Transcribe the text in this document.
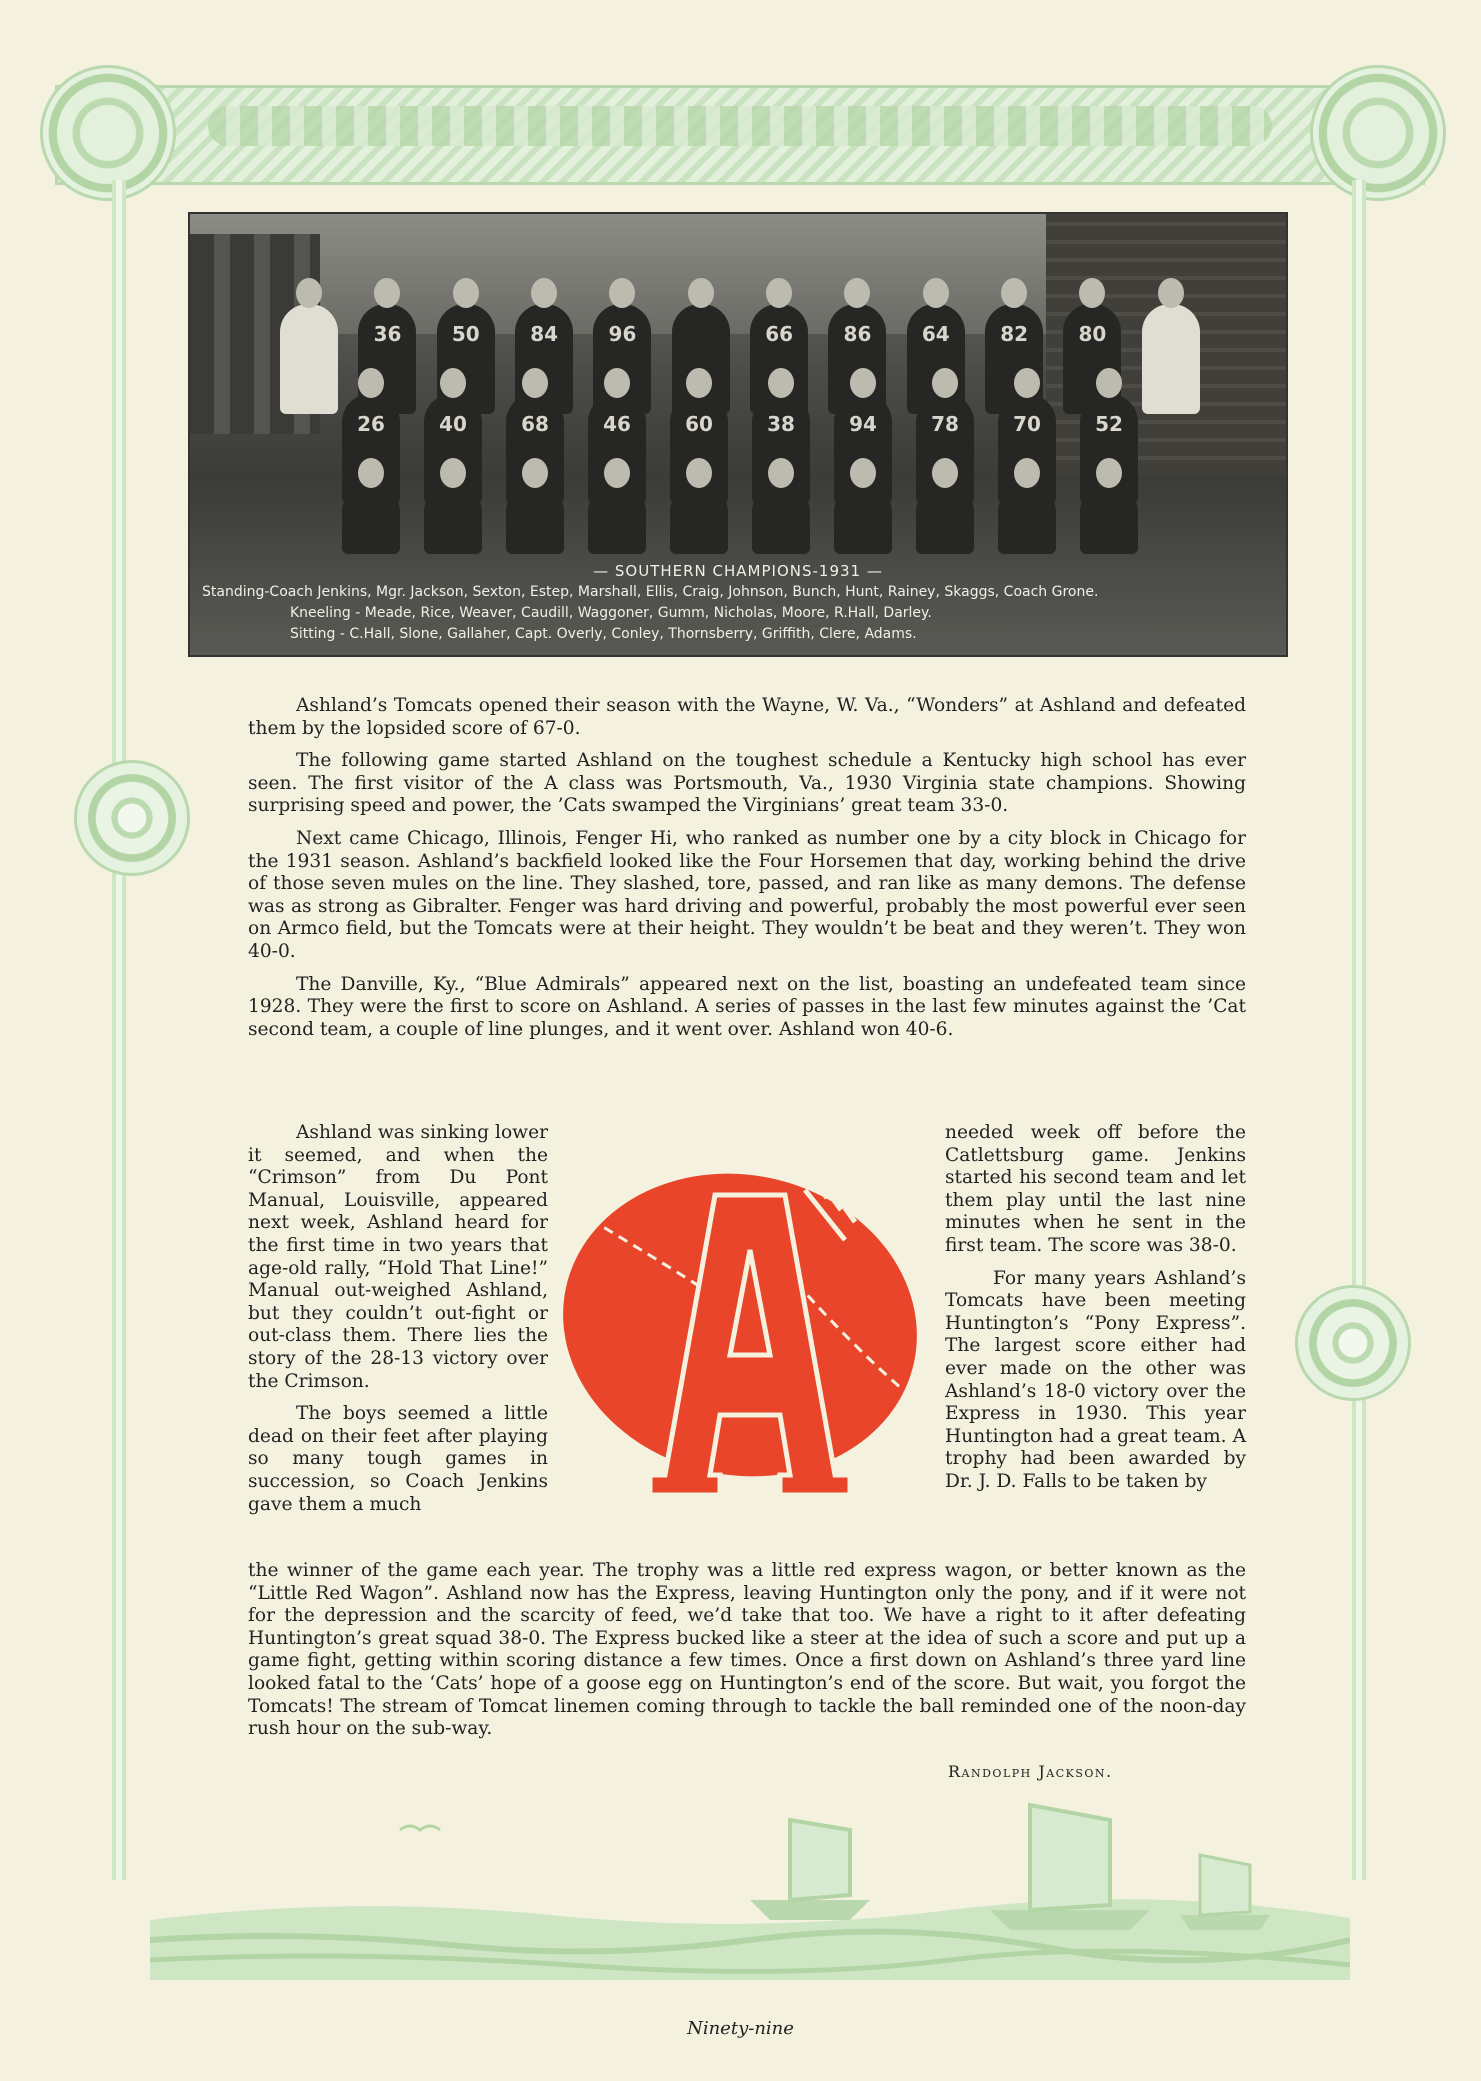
36	50	84	96	66	86	64	82	80
26	40	68	46	60	38	94	78	70	52
— SOUTHERN CHAMPIONS-1931 —
Standing-Coach Jenkins, Mgr. Jackson, Sexton, Estep, Marshall, Ellis, Craig, Johnson, Bunch, Hunt, Rainey, Skaggs, Coach Grone.
Kneeling - Meade, Rice, Weaver, Caudill, Waggoner, Gumm, Nicholas, Moore, R.Hall, Darley.
Sitting - C.Hall, Slone, Gallaher, Capt. Overly, Conley, Thornsberry, Griffith, Clere, Adams.

Ashland’s Tomcats opened their season with the Wayne, W. Va., “Wonders” at Ashland and defeated them by the lopsided score of 67-0.

The following game started Ashland on the toughest schedule a Kentucky high school has ever seen. The first visitor of the A class was Portsmouth, Va., 1930 Virginia state champions. Showing surprising speed and power, the ’Cats swamped the Virginians’ great team 33-0.

Next came Chicago, Illinois, Fenger Hi, who ranked as number one by a city block in Chicago for the 1931 season. Ashland’s backfield looked like the Four Horsemen that day, working behind the drive of those seven mules on the line. They slashed, tore, passed, and ran like as many demons. The defense was as strong as Gibralter. Fenger was hard driving and powerful, probably the most powerful ever seen on Armco field, but the Tomcats were at their height. They wouldn’t be beat and they weren’t. They won 40-0.

The Danville, Ky., “Blue Admirals” appeared next on the list, boasting an undefeated team since 1928. They were the first to score on Ashland. A series of passes in the last few minutes against the ’Cat second team, a couple of line plunges, and it went over. Ashland won 40-6.

Ashland was sinking lower it seemed, and when the “Crimson” from Du Pont Manual, Louisville, appeared next week, Ashland heard for the first time in two years that age-old rally, “Hold That Line!” Manual out-weighed Ashland, but they couldn’t out-fight or out-class them. There lies the story of the 28-13 victory over the Crimson.

The boys seemed a little dead on their feet after playing so many tough games in succession, so Coach Jenkins gave them a much

needed week off before the Catlettsburg game. Jenkins started his second team and let them play until the last nine minutes when he sent in the first team. The score was 38-0.

For many years Ashland’s Tomcats have been meeting Huntington’s “Pony Express”. The largest score either had ever made on the other was Ashland’s 18-0 victory over the Express in 1930. This year Huntington had a great team. A trophy had been awarded by Dr. J. D. Falls to be taken by

the winner of the game each year. The trophy was a little red express wagon, or better known as the “Little Red Wagon”. Ashland now has the Express, leaving Huntington only the pony, and if it were not for the depression and the scarcity of feed, we’d take that too. We have a right to it after defeating Huntington’s great squad 38-0. The Express bucked like a steer at the idea of such a score and put up a game fight, getting within scoring distance a few times. Once a first down on Ashland’s three yard line looked fatal to the ‘Cats’ hope of a goose egg on Huntington’s end of the score. But wait, you forgot the Tomcats! The stream of Tomcat linemen coming through to tackle the ball reminded one of the noon-day rush hour on the sub-way.

Randolph Jackson.
Ninety-nine
